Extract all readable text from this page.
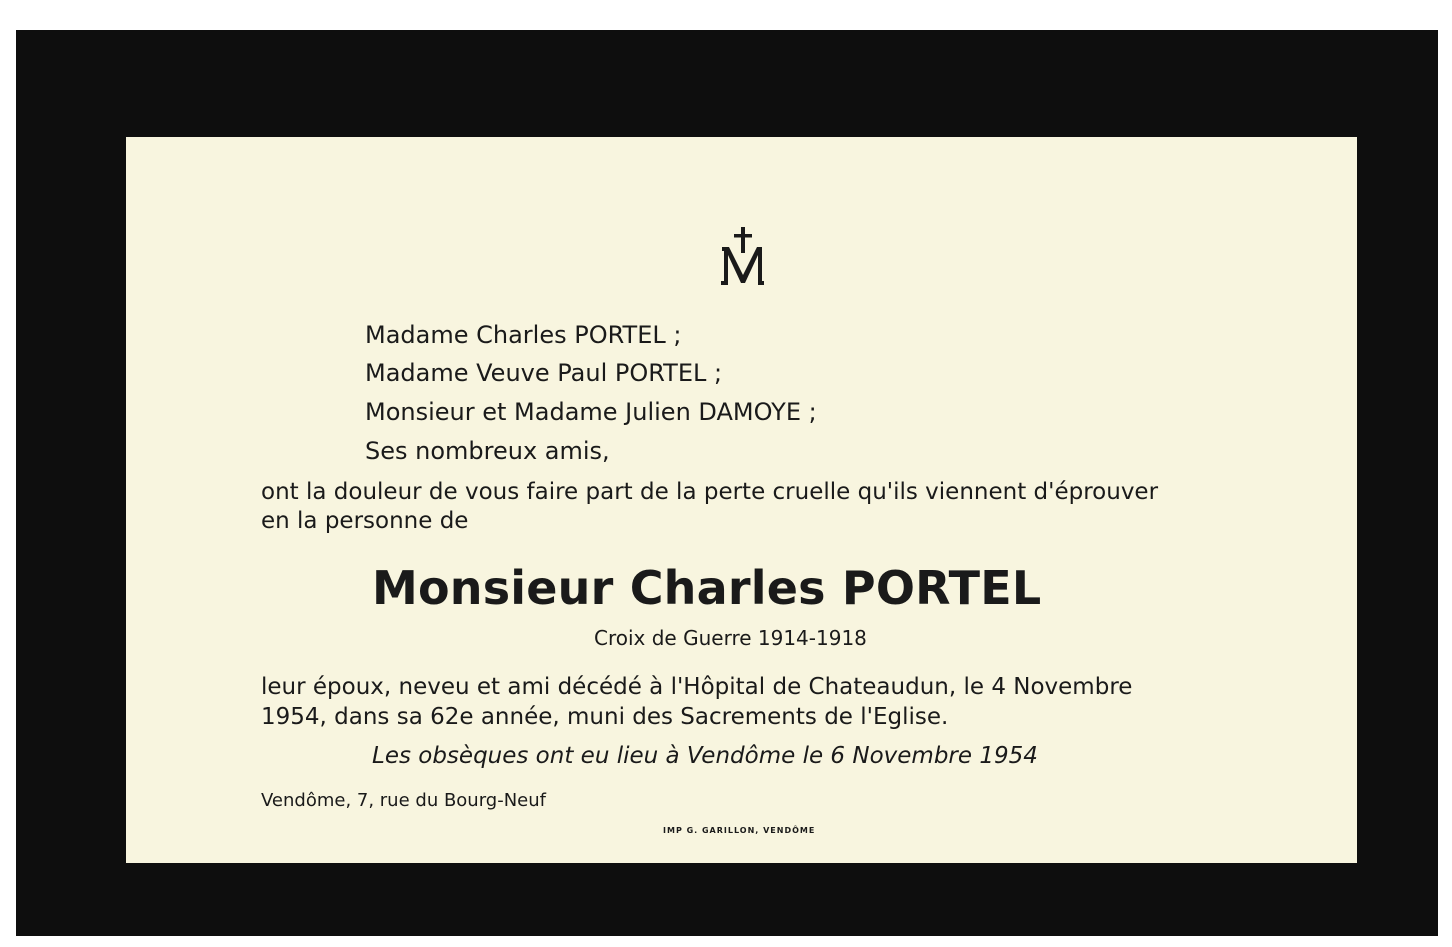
Madame Charles PORTEL ;
Madame Veuve Paul PORTEL ;
Monsieur et Madame Julien DAMOYE ;
Ses nombreux amis,
ont la douleur de vous faire part de la perte cruelle qu'ils viennent d'éprouver
en la personne de
Monsieur Charles PORTEL
Croix de Guerre 1914-1918
leur époux, neveu et ami décédé à l'Hôpital de Chateaudun, le 4 Novembre
1954, dans sa 62e année, muni des Sacrements de l'Eglise.
Les obsèques ont eu lieu à Vendôme le 6 Novembre 1954
Vendôme, 7, rue du Bourg-Neuf
IMP G. GARILLON, VENDÔME
